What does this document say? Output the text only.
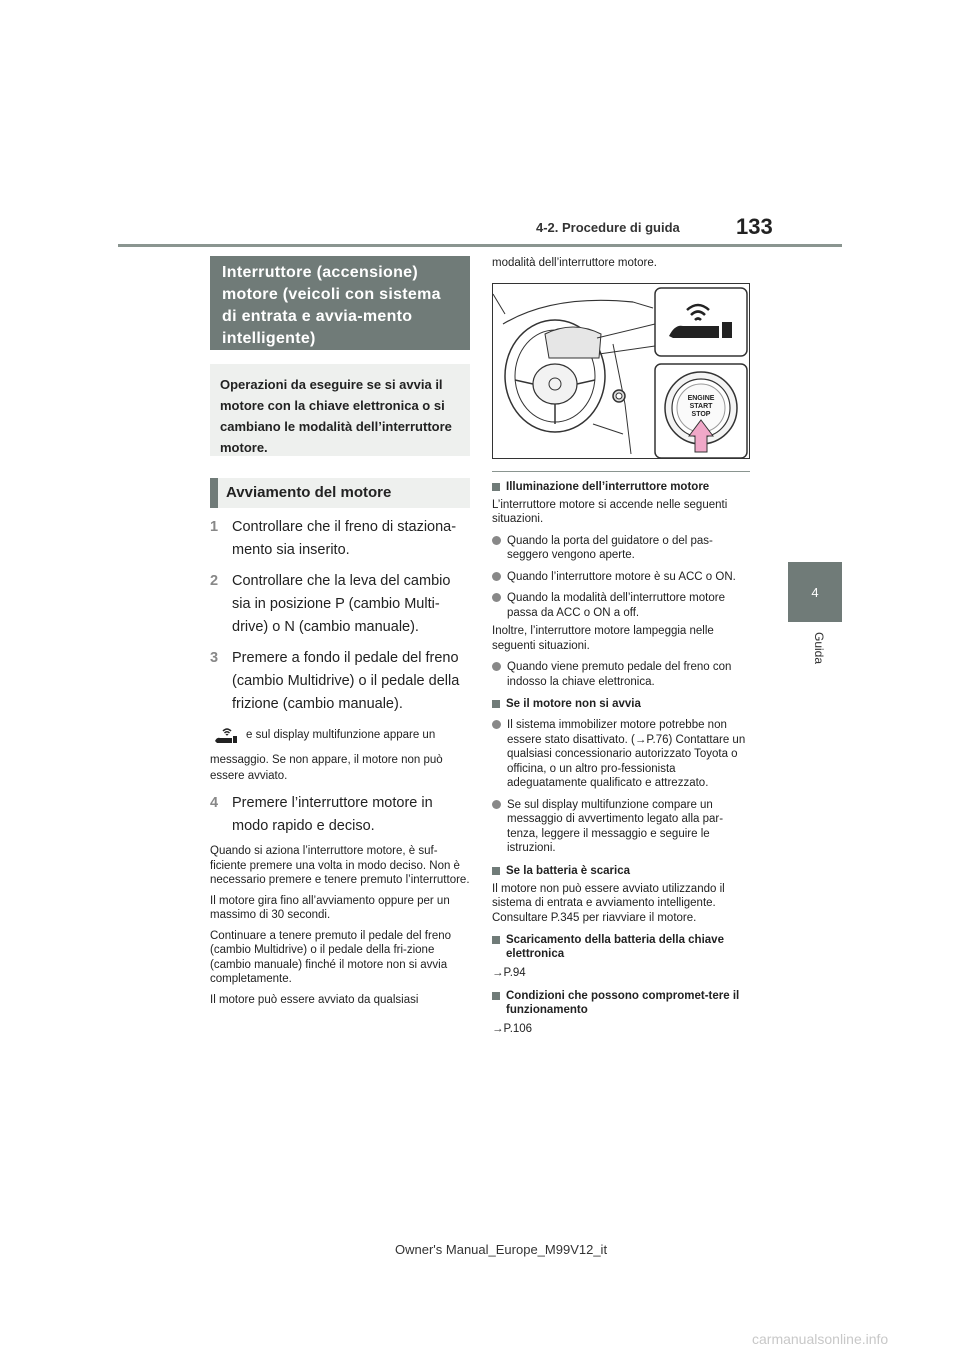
4-2. Procedure di guida	133
4
Guida
Interruttore (accensione) motore (veicoli con sistema di entrata e avvia-mento intelligente)
Operazioni da eseguire se si avvia il motore con la chiave elettronica o si cambiano le modalità dell’interruttore motore.
Avviamento del motore
1 Controllare che il freno di staziona-mento sia inserito.
2 Controllare che la leva del cambio sia in posizione P (cambio Multi-drive) o N (cambio manuale).
3 Premere a fondo il pedale del freno (cambio Multidrive) o il pedale della frizione (cambio manuale).
e sul display multifunzione appare un
messaggio. Se non appare, il motore non può essere avviato.
4 Premere l’interruttore motore in modo rapido e deciso.
Quando si aziona l’interruttore motore, è suf-ficiente premere una volta in modo deciso. Non è necessario premere e tenere premuto l’interruttore.
Il motore gira fino all’avviamento oppure per un massimo di 30 secondi.
Continuare a tenere premuto il pedale del freno (cambio Multidrive) o il pedale della fri-zione (cambio manuale) finché il motore non si avvia completamente.
Il motore può essere avviato da qualsiasi
modalità dell’interruttore motore.
ENGINE
START
STOP
Illuminazione dell’interruttore motore
L’interruttore motore si accende nelle seguenti situazioni.
Quando la porta del guidatore o del pas-seggero vengono aperte.
Quando l’interruttore motore è su ACC o ON.
Quando la modalità dell’interruttore motore passa da ACC o ON a off.
Inoltre, l’interruttore motore lampeggia nelle seguenti situazioni.
Quando viene premuto pedale del freno con indosso la chiave elettronica.
Se il motore non si avvia
Il sistema immobilizer motore potrebbe non essere stato disattivato. (→P.76) Contattare un qualsiasi concessionario autorizzato Toyota o officina, o un altro pro-fessionista adeguatamente qualificato e attrezzato.
Se sul display multifunzione compare un messaggio di avvertimento legato alla par-tenza, leggere il messaggio e seguire le istruzioni.
Se la batteria è scarica
Il motore non può essere avviato utilizzando il sistema di entrata e avviamento intelligente. Consultare P.345 per riavviare il motore.
Scaricamento della batteria della chiave elettronica
→P.94
Condizioni che possono compromet-tere il funzionamento
→P.106
Owner's Manual_Europe_M99V12_it
carmanualsonline.info
